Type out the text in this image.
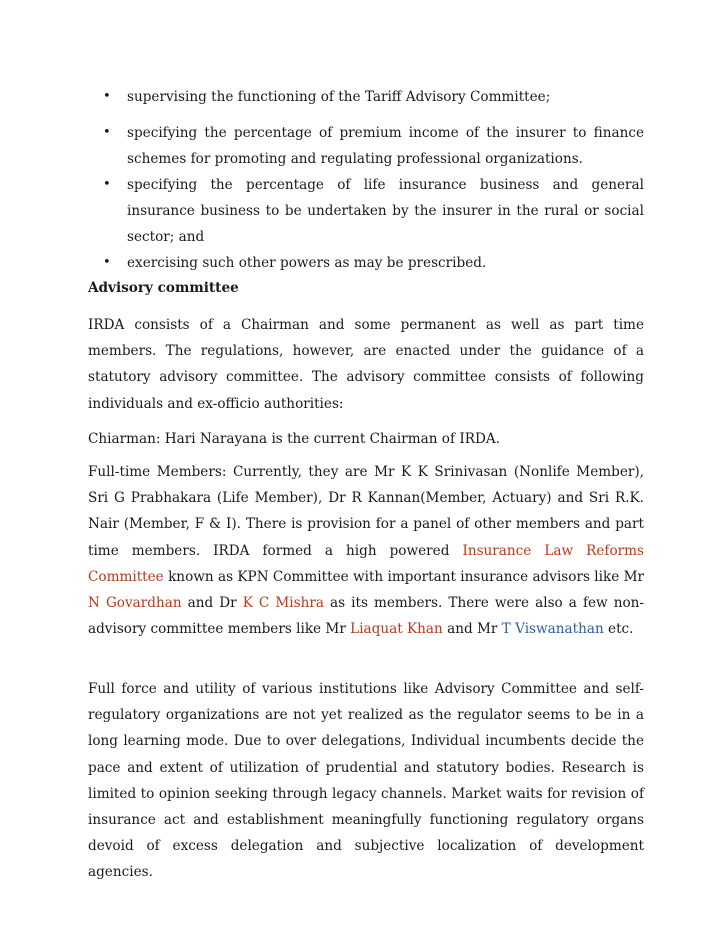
• supervising the functioning of the Tariff Advisory Committee;
• specifying the percentage of premium income of the insurer to finance schemes for promoting and regulating professional organizations.
• specifying the percentage of life insurance business and general insurance business to be undertaken by the insurer in the rural or social sector; and
• exercising such other powers as may be prescribed.

Advisory committee

IRDA consists of a Chairman and some permanent as well as part time members. The regulations, however, are enacted under the guidance of a statutory advisory committee. The advisory committee consists of following individuals and ex-officio authorities:

Chiarman: Hari Narayana is the current Chairman of IRDA.

Full-time Members: Currently, they are Mr K K Srinivasan (Nonlife Member), Sri G Prabhakara (Life Member), Dr R Kannan(Member, Actuary) and Sri R.K. Nair (Member, F & I). There is provision for a panel of other members and part time members. IRDA formed a high powered Insurance Law Reforms Committee known as KPN Committee with important insurance advisors like Mr N Govardhan and Dr K C Mishra as its members. There were also a few non-advisory committee members like Mr Liaquat Khan and Mr T Viswanathan etc.

Full force and utility of various institutions like Advisory Committee and self-regulatory organizations are not yet realized as the regulator seems to be in a long learning mode. Due to over delegations, Individual incumbents decide the pace and extent of utilization of prudential and statutory bodies. Research is limited to opinion seeking through legacy channels. Market waits for revision of insurance act and establishment meaningfully functioning regulatory organs devoid of excess delegation and subjective localization of development agencies.
